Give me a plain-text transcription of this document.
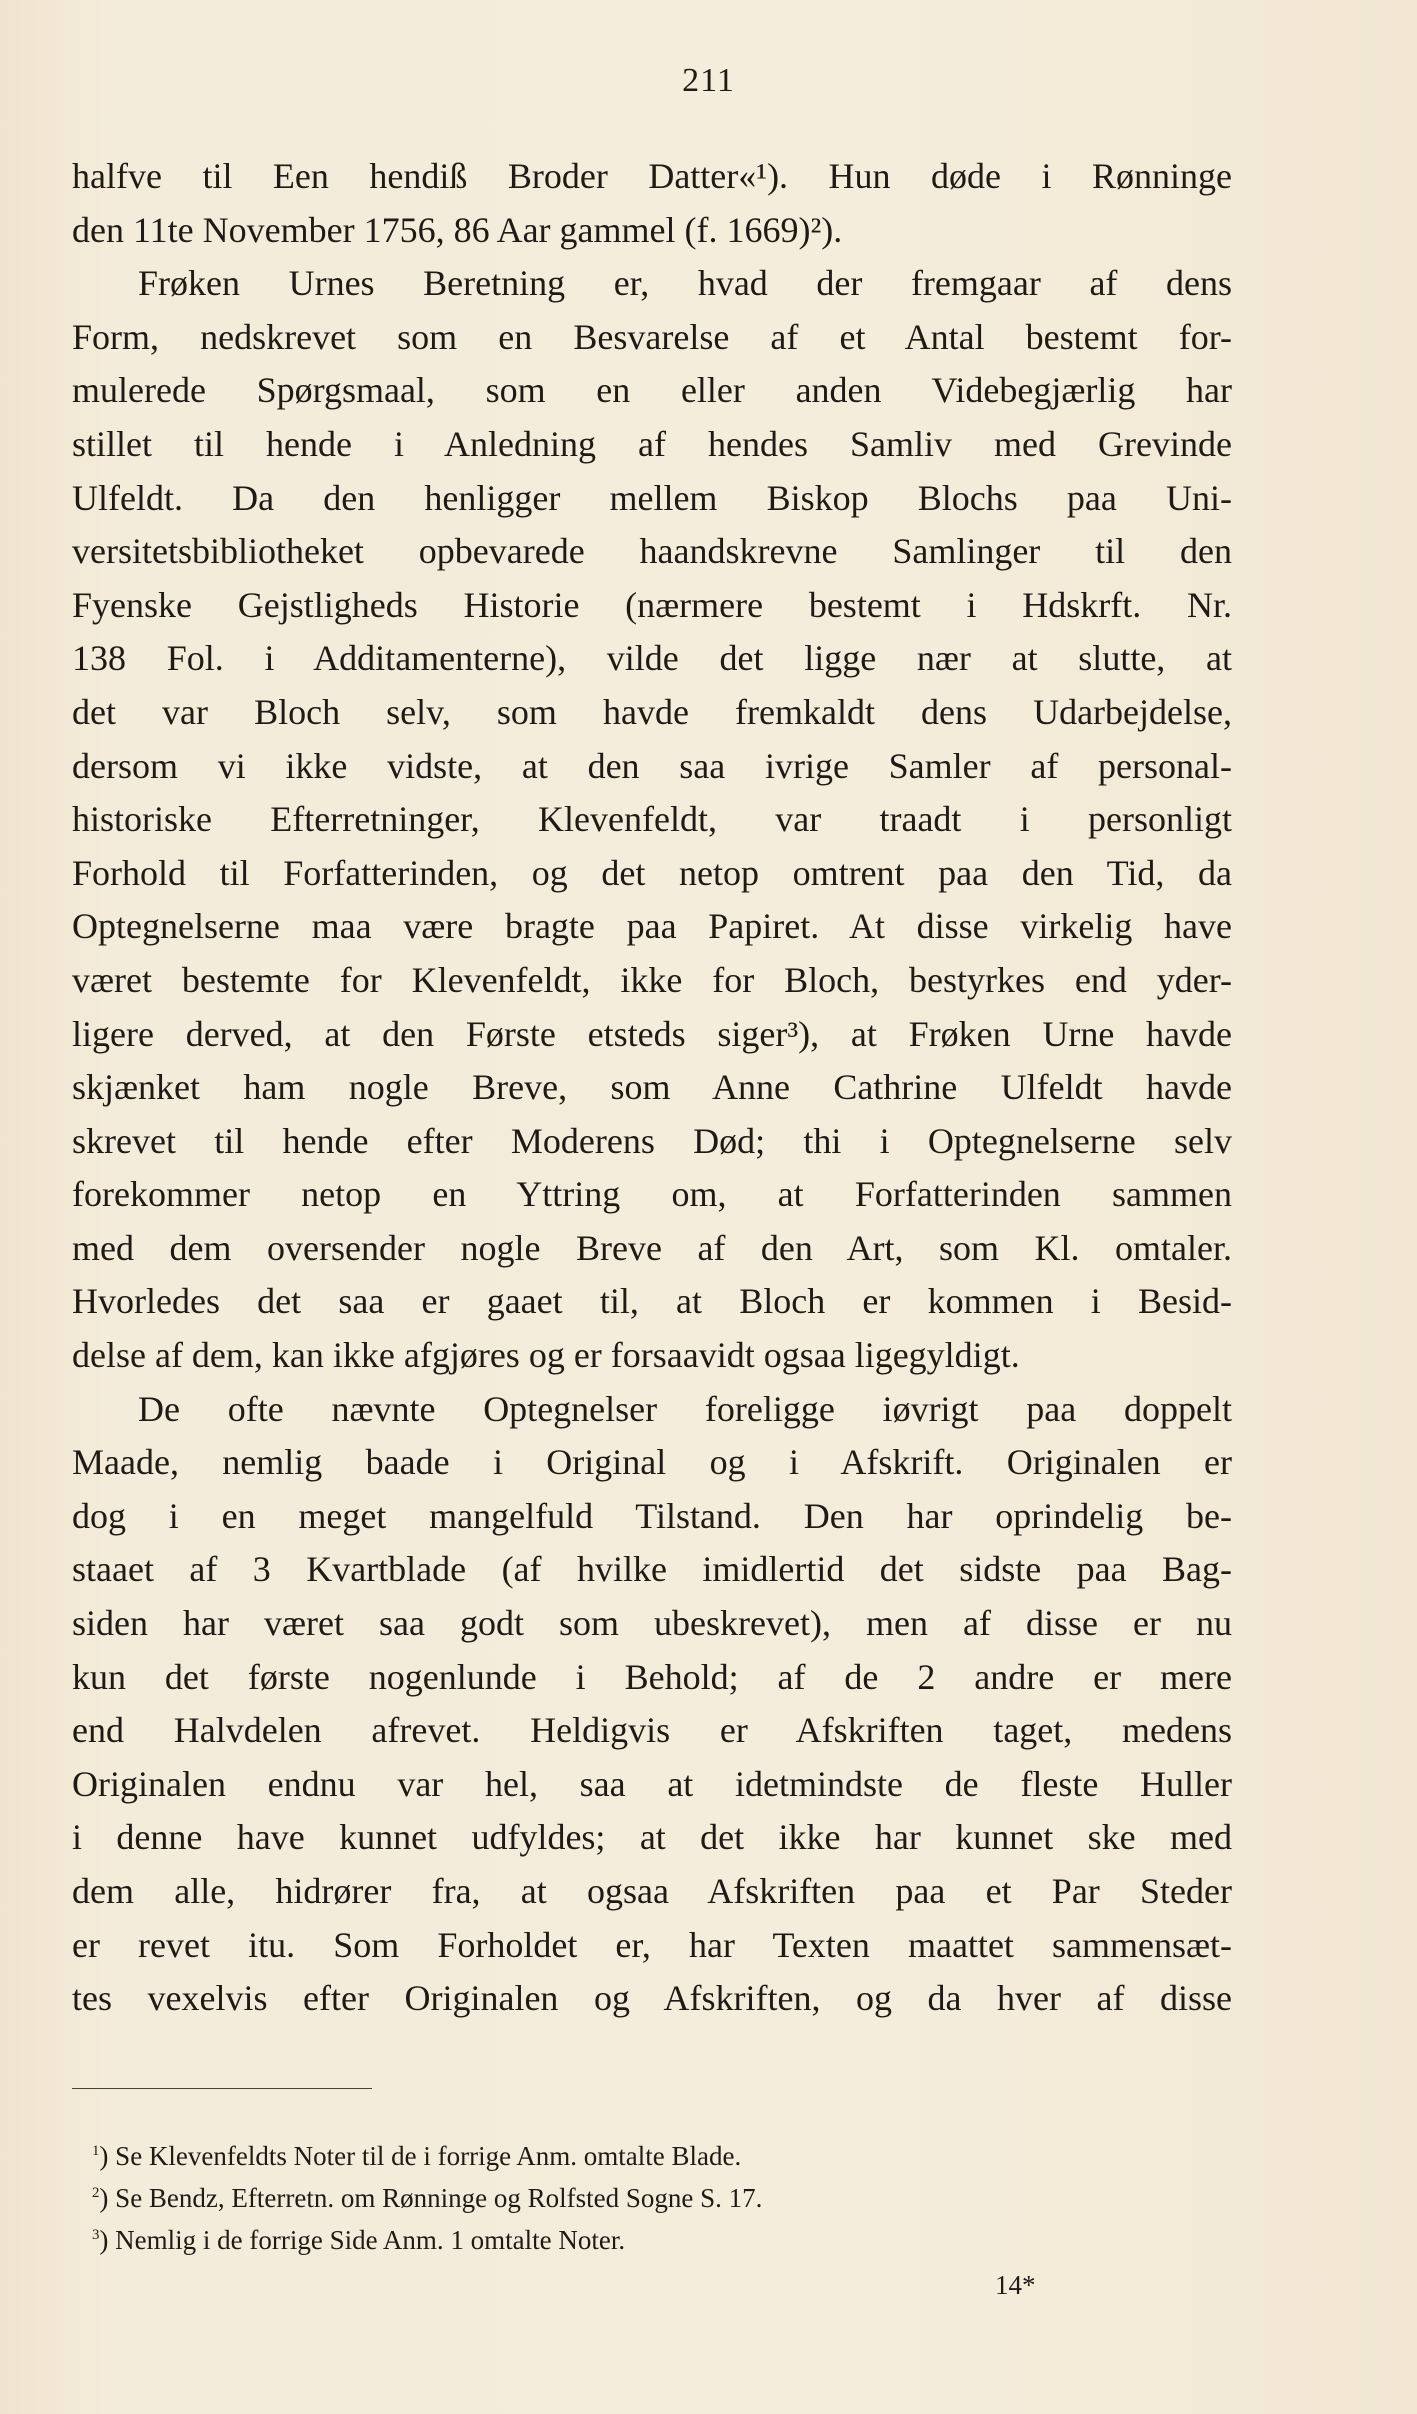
211
halfve til Een hendiß Broder Datter«¹). Hun døde i Rønninge
den 11te November 1756, 86 Aar gammel (f. 1669)²).
Frøken Urnes Beretning er, hvad der fremgaar af dens
Form, nedskrevet som en Besvarelse af et Antal bestemt for-
mulerede Spørgsmaal, som en eller anden Videbegjærlig har
stillet til hende i Anledning af hendes Samliv med Grevinde
Ulfeldt. Da den henligger mellem Biskop Blochs paa Uni-
versitetsbibliotheket opbevarede haandskrevne Samlinger til den
Fyenske Gejstligheds Historie (nærmere bestemt i Hdskrft. Nr.
138 Fol. i Additamenterne), vilde det ligge nær at slutte, at
det var Bloch selv, som havde fremkaldt dens Udarbejdelse,
dersom vi ikke vidste, at den saa ivrige Samler af personal-
historiske Efterretninger, Klevenfeldt, var traadt i personligt
Forhold til Forfatterinden, og det netop omtrent paa den Tid, da
Optegnelserne maa være bragte paa Papiret. At disse virkelig have
været bestemte for Klevenfeldt, ikke for Bloch, bestyrkes end yder-
ligere derved, at den Første etsteds siger³), at Frøken Urne havde
skjænket ham nogle Breve, som Anne Cathrine Ulfeldt havde
skrevet til hende efter Moderens Død; thi i Optegnelserne selv
forekommer netop en Yttring om, at Forfatterinden sammen
med dem oversender nogle Breve af den Art, som Kl. omtaler.
Hvorledes det saa er gaaet til, at Bloch er kommen i Besid-
delse af dem, kan ikke afgjøres og er forsaavidt ogsaa ligegyldigt.
De ofte nævnte Optegnelser foreligge iøvrigt paa doppelt
Maade, nemlig baade i Original og i Afskrift. Originalen er
dog i en meget mangelfuld Tilstand. Den har oprindelig be-
staaet af 3 Kvartblade (af hvilke imidlertid det sidste paa Bag-
siden har været saa godt som ubeskrevet), men af disse er nu
kun det første nogenlunde i Behold; af de 2 andre er mere
end Halvdelen afrevet. Heldigvis er Afskriften taget, medens
Originalen endnu var hel, saa at idetmindste de fleste Huller
i denne have kunnet udfyldes; at det ikke har kunnet ske med
dem alle, hidrører fra, at ogsaa Afskriften paa et Par Steder
er revet itu. Som Forholdet er, har Texten maattet sammensæt-
tes vexelvis efter Originalen og Afskriften, og da hver af disse
$^1$) Se Klevenfeldts Noter til de i forrige Anm. omtalte Blade.
$^2$) Se Bendz, Efterretn. om Rønninge og Rolfsted Sogne S. 17.
$^3$) Nemlig i de forrige Side Anm. 1 omtalte Noter.
14*
